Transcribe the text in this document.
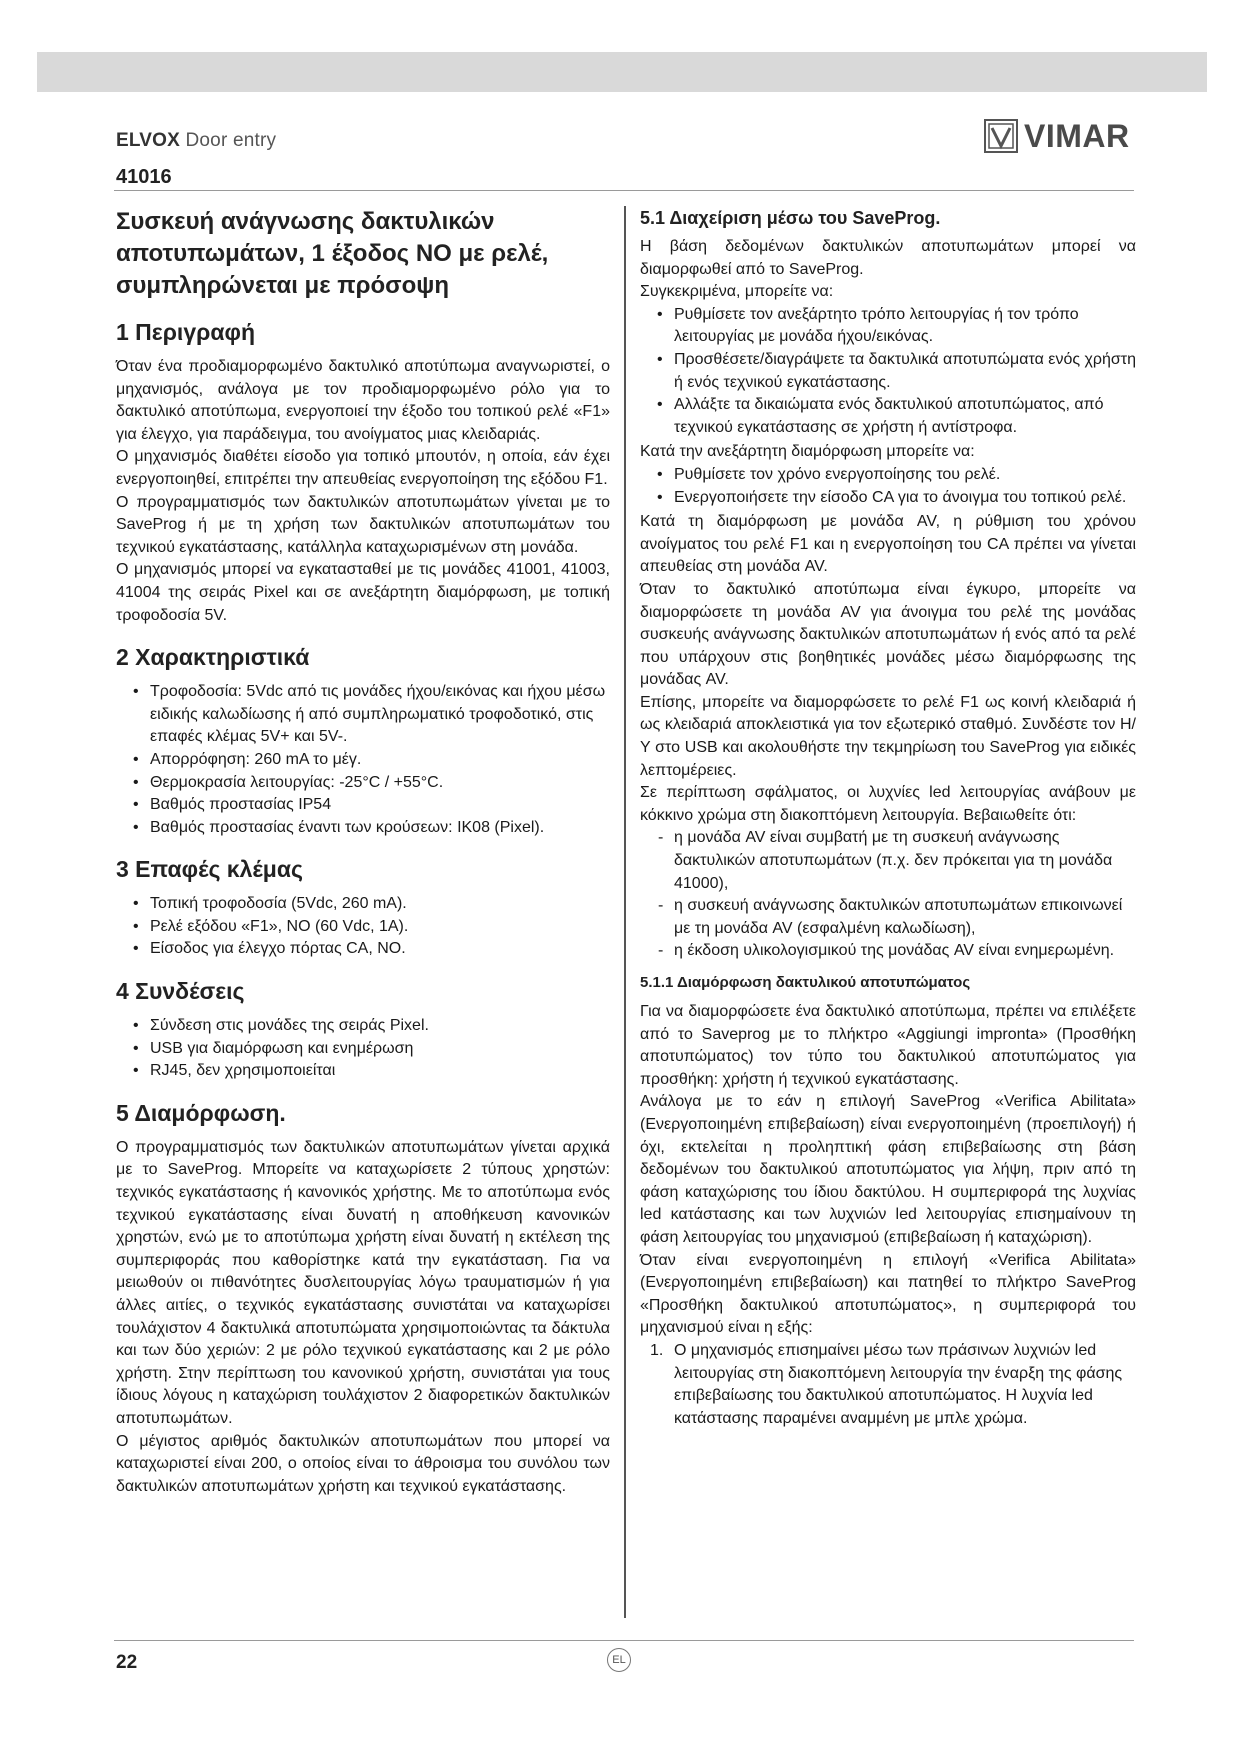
ELVOX Door entry	VIMAR
41016
Συσκευή ανάγνωσης δακτυλικών αποτυπωμάτων, 1 έξοδος NO με ρελέ, συμπληρώνεται με πρόσοψη
1 Περιγραφή

Όταν ένα προδιαμορφωμένο δακτυλικό αποτύπωμα αναγνωριστεί, ο μηχανισμός, ανάλογα με τον προδιαμορφωμένο ρόλο για το δακτυλικό αποτύπωμα, ενεργοποιεί την έξοδο του τοπικού ρελέ «F1» για έλεγχο, για παράδειγμα, του ανοίγματος μιας κλειδαριάς.

Ο μηχανισμός διαθέτει είσοδο για τοπικό μπουτόν, η οποία, εάν έχει ενεργοποιηθεί, επιτρέπει την απευθείας ενεργοποίηση της εξόδου F1.

Ο προγραμματισμός των δακτυλικών αποτυπωμάτων γίνεται με το SaveProg ή με τη χρήση των δακτυλικών αποτυπωμάτων του τεχνικού εγκατάστασης, κατάλληλα καταχωρισμένων στη μονάδα.

Ο μηχανισμός μπορεί να εγκατασταθεί με τις μονάδες 41001, 41003, 41004 της σειράς Pixel και σε ανεξάρτητη διαμόρφωση, με τοπική τροφοδοσία 5V.

2 Χαρακτηριστικά
• Τροφοδοσία: 5Vdc από τις μονάδες ήχου/εικόνας και ήχου μέσω ειδικής καλωδίωσης ή από συμπληρωματικό τροφοδοτικό, στις επαφές κλέμας 5V+ και 5V-.
• Απορρόφηση: 260 mA το μέγ.
• Θερμοκρασία λειτουργίας: -25°C / +55°C.
• Βαθμός προστασίας IP54
• Βαθμός προστασίας έναντι των κρούσεων: IK08 (Pixel).
3 Επαφές κλέμας
• Τοπική τροφοδοσία (5Vdc, 260 mA).
• Ρελέ εξόδου «F1», NO (60 Vdc, 1A).
• Είσοδος για έλεγχο πόρτας CA, NO.
4 Συνδέσεις
• Σύνδεση στις μονάδες της σειράς Pixel.
• USB για διαμόρφωση και ενημέρωση
• RJ45, δεν χρησιμοποιείται
5 Διαμόρφωση.

Ο προγραμματισμός των δακτυλικών αποτυπωμάτων γίνεται αρχικά με το SaveProg. Μπορείτε να καταχωρίσετε 2 τύπους χρηστών: τεχνικός εγκατάστασης ή κανονικός χρήστης. Με το αποτύπωμα ενός τεχνικού εγκατάστασης είναι δυνατή η αποθήκευση κανονικών χρηστών, ενώ με το αποτύπωμα χρήστη είναι δυνατή η εκτέλεση της συμπεριφοράς που καθορίστηκε κατά την εγκατάσταση. Για να μειωθούν οι πιθανότητες δυσλειτουργίας λόγω τραυματισμών ή για άλλες αιτίες, ο τεχνικός εγκατάστασης συνιστάται να καταχωρίσει τουλάχιστον 4 δακτυλικά αποτυπώματα χρησιμοποιώντας τα δάκτυλα και των δύο χεριών: 2 με ρόλο τεχνικού εγκατάστασης και 2 με ρόλο χρήστη. Στην περίπτωση του κανονικού χρήστη, συνιστάται για τους ίδιους λόγους η καταχώριση τουλάχιστον 2 διαφορετικών δακτυλικών αποτυπωμάτων.

Ο μέγιστος αριθμός δακτυλικών αποτυπωμάτων που μπορεί να καταχωριστεί είναι 200, ο οποίος είναι το άθροισμα του συνόλου των δακτυλικών αποτυπωμάτων χρήστη και τεχνικού εγκατάστασης.

5.1 Διαχείριση μέσω του SaveProg.

Η βάση δεδομένων δακτυλικών αποτυπωμάτων μπορεί να διαμορφωθεί από το SaveProg.

Συγκεκριμένα, μπορείτε να:

• Ρυθμίσετε τον ανεξάρτητο τρόπο λειτουργίας ή τον τρόπο λειτουργίας με μονάδα ήχου/εικόνας.
• Προσθέσετε/διαγράψετε τα δακτυλικά αποτυπώματα ενός χρήστη ή ενός τεχνικού εγκατάστασης.
• Αλλάξτε τα δικαιώματα ενός δακτυλικού αποτυπώματος, από τεχνικού εγκατάστασης σε χρήστη ή αντίστροφα.

Κατά την ανεξάρτητη διαμόρφωση μπορείτε να:

• Ρυθμίσετε τον χρόνο ενεργοποίησης του ρελέ.
• Ενεργοποιήσετε την είσοδο CA για το άνοιγμα του τοπικού ρελέ.

Κατά τη διαμόρφωση με μονάδα AV, η ρύθμιση του χρόνου ανοίγματος του ρελέ F1 και η ενεργοποίηση του CA πρέπει να γίνεται απευθείας στη μονάδα AV.

Όταν το δακτυλικό αποτύπωμα είναι έγκυρο, μπορείτε να διαμορφώσετε τη μονάδα AV για άνοιγμα του ρελέ της μονάδας συσκευής ανάγνωσης δακτυλικών αποτυπωμάτων ή ενός από τα ρελέ που υπάρχουν στις βοηθητικές μονάδες μέσω διαμόρφωσης της μονάδας AV.

Επίσης, μπορείτε να διαμορφώσετε το ρελέ F1 ως κοινή κλειδαριά ή ως κλειδαριά αποκλειστικά για τον εξωτερικό σταθμό. Συνδέστε τον Η/Υ στο USB και ακολουθήστε την τεκμηρίωση του SaveProg για ειδικές λεπτομέρειες.

Σε περίπτωση σφάλματος, οι λυχνίες led λειτουργίας ανάβουν με κόκκινο χρώμα στη διακοπτόμενη λειτουργία. Βεβαιωθείτε ότι:

- η μονάδα AV είναι συμβατή με τη συσκευή ανάγνωσης δακτυλικών αποτυπωμάτων (π.χ. δεν πρόκειται για τη μονάδα 41000),
- η συσκευή ανάγνωσης δακτυλικών αποτυπωμάτων επικοινωνεί με τη μονάδα AV (εσφαλμένη καλωδίωση),
- η έκδοση υλικολογισμικού της μονάδας AV είναι ενημερωμένη.
5.1.1 Διαμόρφωση δακτυλικού αποτυπώματος

Για να διαμορφώσετε ένα δακτυλικό αποτύπωμα, πρέπει να επιλέξετε από το Saveprog με το πλήκτρο «Aggiungi impronta» (Προσθήκη αποτυπώματος) τον τύπο του δακτυλικού αποτυπώματος για προσθήκη: χρήστη ή τεχνικού εγκατάστασης.

Ανάλογα με το εάν η επιλογή SaveProg «Verifica Abilitata» (Ενεργοποιημένη επιβεβαίωση) είναι ενεργοποιημένη (προεπιλογή) ή όχι, εκτελείται η προληπτική φάση επιβεβαίωσης στη βάση δεδομένων του δακτυλικού αποτυπώματος για λήψη, πριν από τη φάση καταχώρισης του ίδιου δακτύλου. Η συμπεριφορά της λυχνίας led κατάστασης και των λυχνιών led λειτουργίας επισημαίνουν τη φάση λειτουργίας του μηχανισμού (επιβεβαίωση ή καταχώριση).

Όταν είναι ενεργοποιημένη η επιλογή «Verifica Abilitata» (Ενεργοποιημένη επιβεβαίωση) και πατηθεί το πλήκτρο SaveProg «Προσθήκη δακτυλικού αποτυπώματος», η συμπεριφορά του μηχανισμού είναι η εξής:

1. Ο μηχανισμός επισημαίνει μέσω των πράσινων λυχνιών led λειτουργίας στη διακοπτόμενη λειτουργία την έναρξη της φάσης επιβεβαίωσης του δακτυλικού αποτυπώματος. Η λυχνία led κατάστασης παραμένει αναμμένη με μπλε χρώμα.
22	EL
